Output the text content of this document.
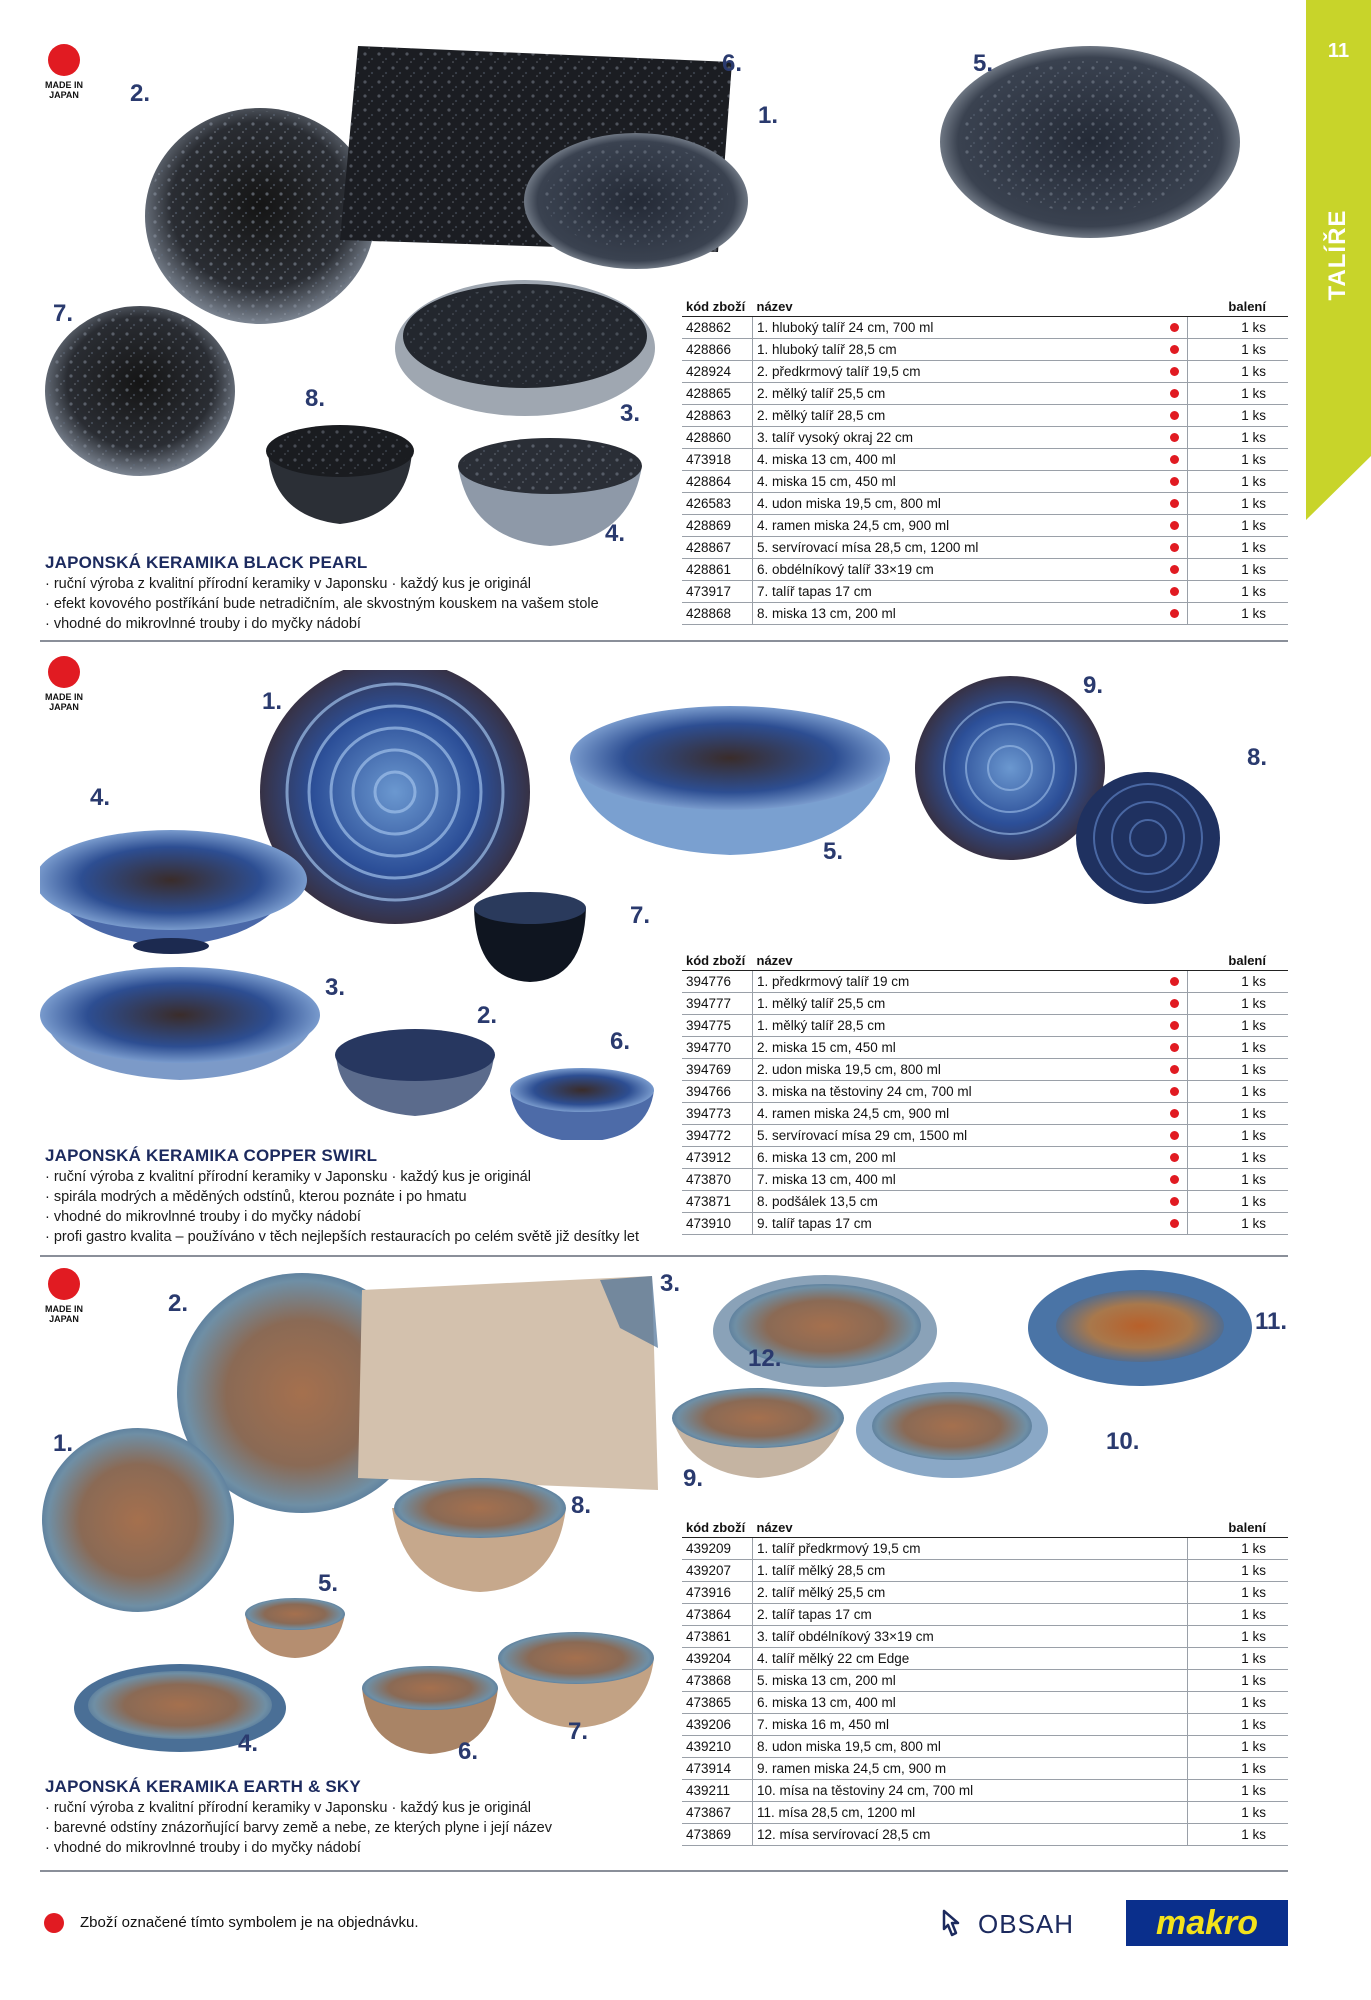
11
TALÍŘE
MADE IN JAPAN 2.
6.	5.
1.
7.
8.
3.
4.
JAPONSKÁ KERAMIKA BLACK PEARL
· ruční výroba z kvalitní přírodní keramiky v Japonsku · každý kus je originál
· efekt kovového postříkání bude netradičním, ale skvostným kouskem na vašem stole
· vhodné do mikrovlnné trouby i do myčky nádobí
kód zboží	název		balení
428862	1. hluboký talíř 24 cm, 700 ml		1 ks
428866	1. hluboký talíř 28,5 cm		1 ks
428924	2. předkrmový talíř 19,5 cm		1 ks
428865	2. mělký talíř 25,5 cm		1 ks
428863	2. mělký talíř 28,5 cm		1 ks
428860	3. talíř vysoký okraj 22 cm		1 ks
473918	4. miska 13 cm, 400 ml		1 ks
428864	4. miska 15 cm, 450 ml		1 ks
426583	4. udon miska 19,5 cm, 800 ml		1 ks
428869	4. ramen miska 24,5 cm, 900 ml		1 ks
428867	5. servírovací mísa 28,5 cm, 1200 ml		1 ks
428861	6. obdélníkový talíř 33×19 cm		1 ks
473917	7. talíř tapas 17 cm		1 ks
428868	8. miska 13 cm, 200 ml		1 ks
MADE IN JAPAN	1.
9.
8.
4.
5.
7.
3.
2.
6.
JAPONSKÁ KERAMIKA COPPER SWIRL
· ruční výroba z kvalitní přírodní keramiky v Japonsku · každý kus je originál
· spirála modrých a měděných odstínů, kterou poznáte i po hmatu
· vhodné do mikrovlnné trouby i do myčky nádobí
· profi gastro kvalita – používáno v těch nejlepších restauracích po celém světě již desítky let
kód zboží	název		balení
394776	1. předkrmový talíř 19 cm		1 ks
394777	1. mělký talíř 25,5 cm		1 ks
394775	1. mělký talíř 28,5 cm		1 ks
394770	2. miska 15 cm, 450 ml		1 ks
394769	2. udon miska 19,5 cm, 800 ml		1 ks
394766	3. miska na těstoviny 24 cm, 700 ml		1 ks
394773	4. ramen miska 24,5 cm, 900 ml		1 ks
394772	5. servírovací mísa 29 cm, 1500 ml		1 ks
473912	6. miska 13 cm, 200 ml		1 ks
473870	7. miska 13 cm, 400 ml		1 ks
473871	8. podšálek 13,5 cm		1 ks
473910	9. talíř tapas 17 cm		1 ks
MADE IN JAPAN
2.
3.
11.
12.
1.	10.
9.
8.
5.
4.	6.
7.
JAPONSKÁ KERAMIKA EARTH & SKY
· ruční výroba z kvalitní přírodní keramiky v Japonsku · každý kus je originál
· barevné odstíny znázorňující barvy země a nebe, ze kterých plyne i její název
· vhodné do mikrovlnné trouby i do myčky nádobí
kód zboží	název		balení
439209	1. talíř předkrmový 19,5 cm		1 ks
439207	1. talíř mělký 28,5 cm		1 ks
473916	2. talíř mělký 25,5 cm		1 ks
473864	2. talíř tapas 17 cm		1 ks
473861	3. talíř obdélníkový 33×19 cm		1 ks
439204	4. talíř mělký 22 cm Edge		1 ks
473868	5. miska 13 cm, 200 ml		1 ks
473865	6. miska 13 cm, 400 ml		1 ks
439206	7. miska 16 m, 450 ml		1 ks
439210	8. udon miska 19,5 cm, 800 ml		1 ks
473914	9. ramen miska 24,5 cm, 900 m		1 ks
439211	10. mísa na těstoviny 24 cm, 700 ml		1 ks
473867	11. mísa 28,5 cm, 1200 ml		1 ks
473869	12. mísa servírovací 28,5 cm		1 ks
Zboží označené tímto symbolem je na objednávku.	OBSAH makro
